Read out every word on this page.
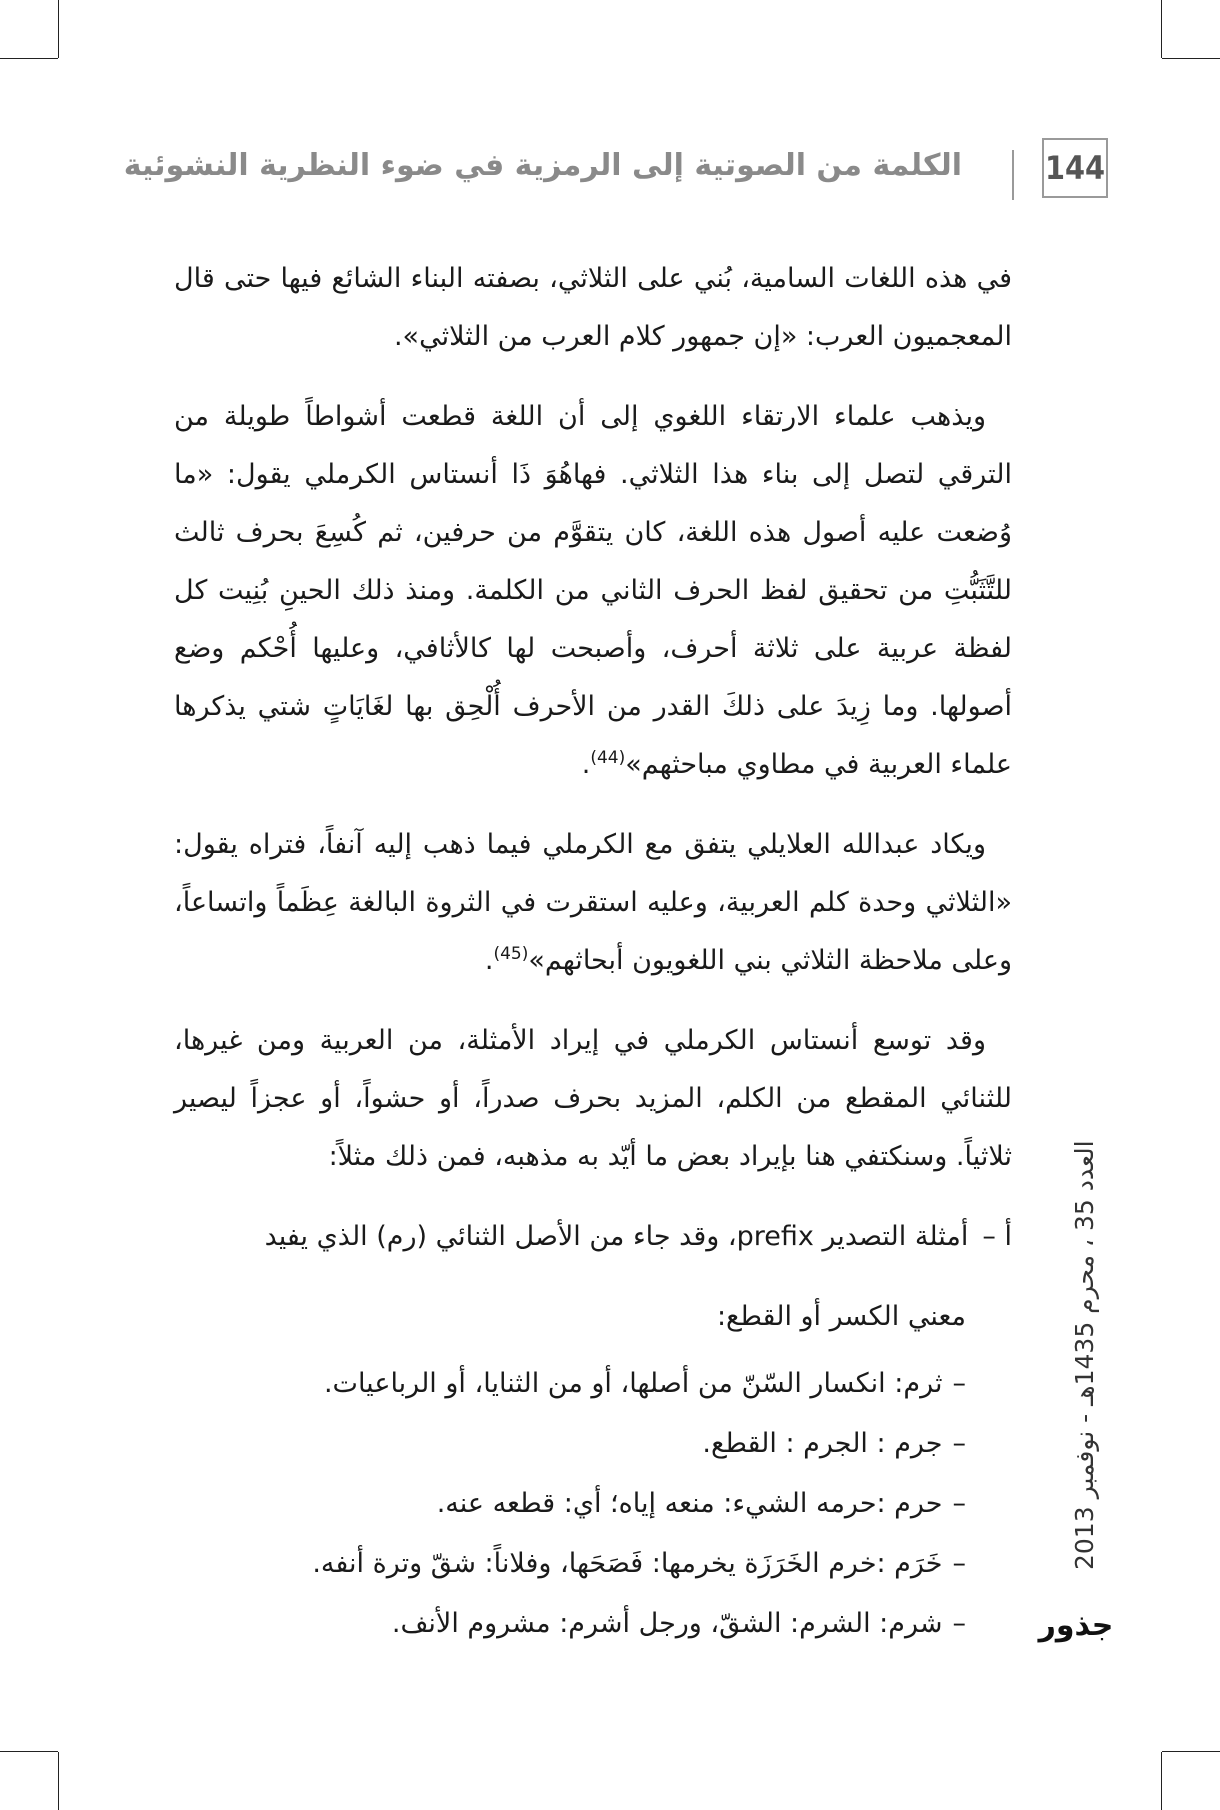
الكلمة من الصوتية إلى الرمزية في ضوء النظرية النشوئية	144

في هذه اللغات السامية، بُني على الثلاثي، بصفته البناء الشائع فيها حتى قال المعجميون العرب: «إن جمهور كلام العرب من الثلاثي».

ويذهب علماء الارتقاء اللغوي إلى أن اللغة قطعت أشواطاً طويلة من الترقي لتصل إلى بناء هذا الثلاثي. فهاهُوَ ذَا أنستاس الكرملي يقول: «ما وُضعت عليه أصول هذه اللغة، كان يتقوَّم من حرفين، ثم كُسِعَ بحرف ثالث للتَّثَبُّتِ من تحقيق لفظ الحرف الثاني من الكلمة. ومنذ ذلك الحينِ بُنِيت كل لفظة عربية على ثلاثة أحرف، وأصبحت لها كالأثافي، وعليها أُحْكم وضع أصولها. وما زِيدَ على ذلكَ القدر من الأحرف أُلْحِق بها لغَايَاتٍ شتي يذكرها علماء العربية في مطاوي مباحثهم»$^{(44)}$.

ويكاد عبدالله العلايلي يتفق مع الكرملي فيما ذهب إليه آنفاً، فتراه يقول: «الثلاثي وحدة كلم العربية، وعليه استقرت في الثروة البالغة عِظَماً واتساعاً، وعلى ملاحظة الثلاثي بني اللغويون أبحاثهم»$^{(45)}$.

وقد توسع أنستاس الكرملي في إيراد الأمثلة، من العربية ومن غيرها، للثنائي المقطع من الكلم، المزيد بحرف صدراً، أو حشواً، أو عجزاً ليصير ثلاثياً. وسنكتفي هنا بإيراد بعض ما أيّد به مذهبه، فمن ذلك مثلاً:

أ –أمثلة التصدير prefix، وقد جاء من الأصل الثنائي (رم) الذي يفيد

معني الكسر أو القطع:

–ثرم: انكسار السّنّ من أصلها، أو من الثنايا، أو الرباعيات.
–جرم : الجرم : القطع.
–حرم :حرمه الشيء: منعه إياه؛ أي: قطعه عنه.
–خَرَم :خرم الخَرَزَة يخرمها: فَصَحَها، وفلاناً: شقّ وترة أنفه.
–شرم: الشرم: الشقّ، ورجل أشرم: مشروم الأنف.
العدد 35 ، محرم 1435هـ - نوفمبر 2013
جذور
